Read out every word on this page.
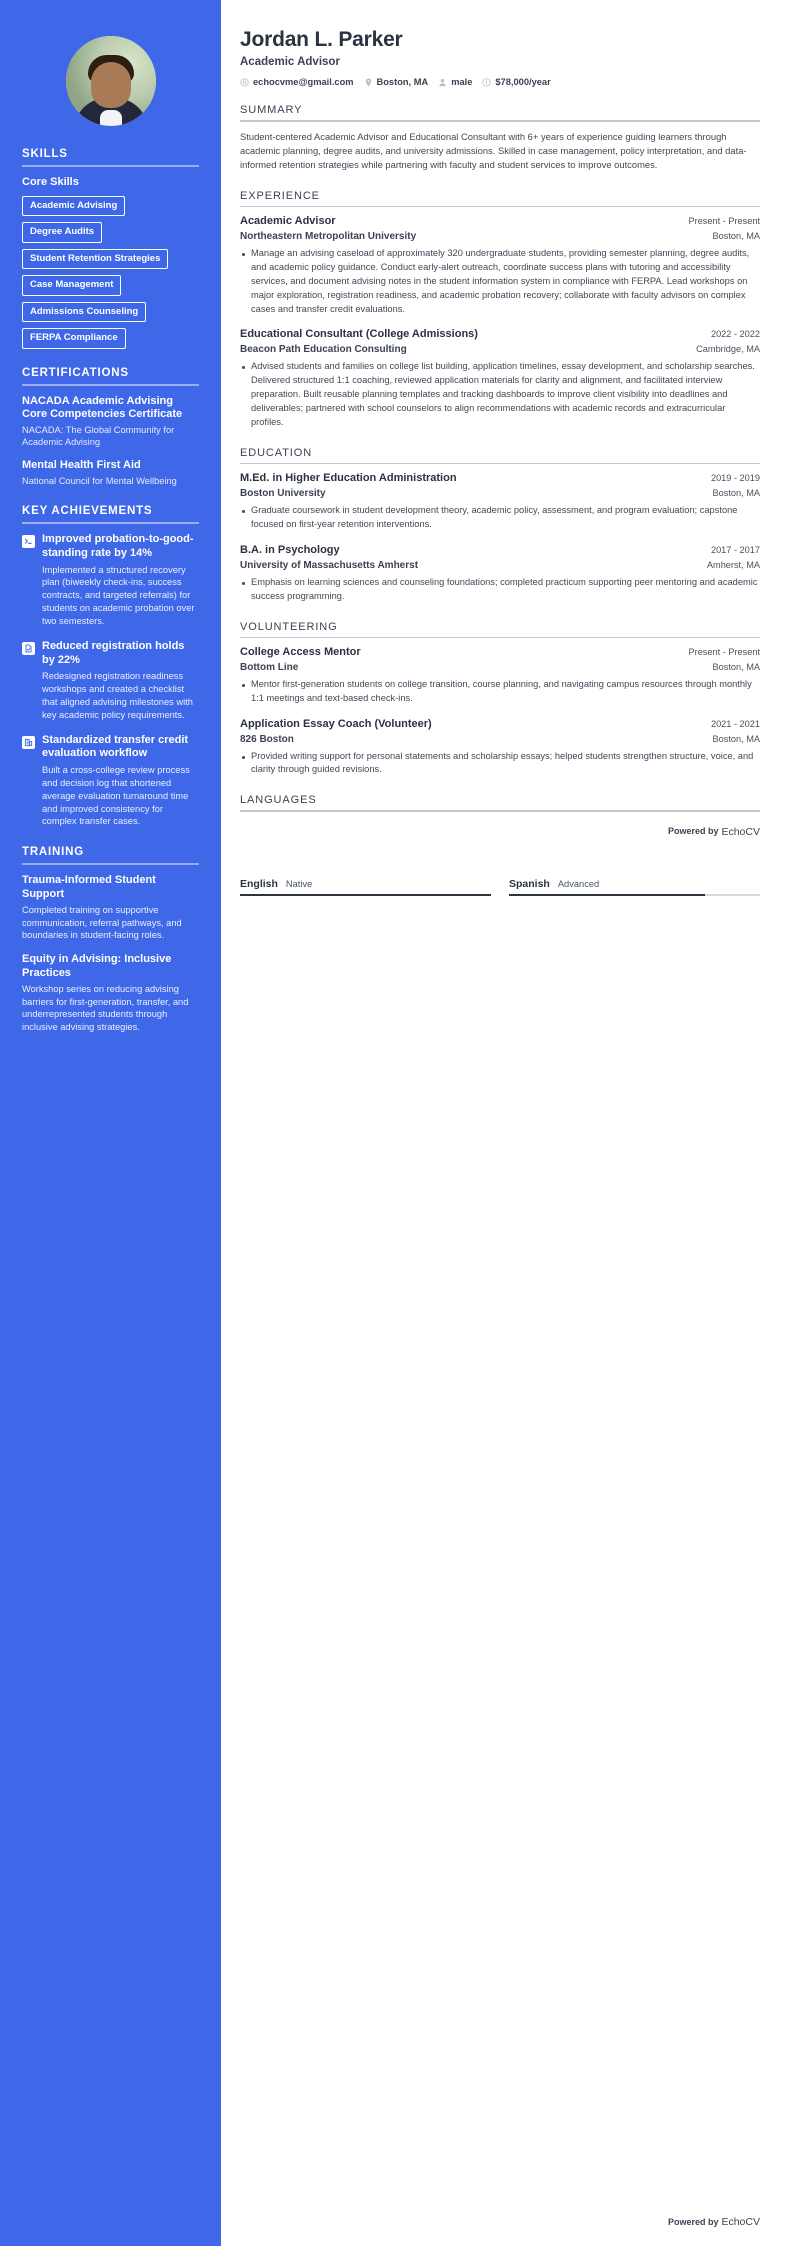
SKILLS
Core Skills
Academic Advising
Degree Audits
Student Retention Strategies
Case Management
Admissions Counseling
FERPA Compliance
CERTIFICATIONS
NACADA Academic Advising Core Competencies Certificate
NACADA: The Global Community for Academic Advising
Mental Health First Aid
National Council for Mental Wellbeing
KEY ACHIEVEMENTS
Improved probation-to-good-standing rate by 14%
Implemented a structured recovery plan (biweekly check-ins, success contracts, and targeted referrals) for students on academic probation over two semesters.
Reduced registration holds by 22%
Redesigned registration readiness workshops and created a checklist that aligned advising milestones with key academic policy requirements.
Standardized transfer credit evaluation workflow
Built a cross-college review process and decision log that shortened average evaluation turnaround time and improved consistency for complex transfer cases.
TRAINING
Trauma-Informed Student Support
Completed training on supportive communication, referral pathways, and boundaries in student-facing roles.
Equity in Advising: Inclusive Practices
Workshop series on reducing advising barriers for first-generation, transfer, and underrepresented students through inclusive advising strategies.
Jordan L. Parker
Academic Advisor
echocvme@gmail.com Boston, MA male $78,000/year
SUMMARY

Student-centered Academic Advisor and Educational Consultant with 6+ years of experience guiding learners through academic planning, degree audits, and university admissions. Skilled in case management, policy interpretation, and data-informed retention strategies while partnering with faculty and student services to improve outcomes.

EXPERIENCE
Academic Advisor	Present - Present
Northeastern Metropolitan University	Boston, MA
Manage an advising caseload of approximately 320 undergraduate students, providing semester planning, degree audits, and academic policy guidance. Conduct early-alert outreach, coordinate success plans with tutoring and accessibility services, and document advising notes in the student information system in compliance with FERPA. Lead workshops on major exploration, registration readiness, and academic probation recovery; collaborate with faculty advisors on complex cases and transfer credit evaluations.
Educational Consultant (College Admissions)	2022 - 2022
Beacon Path Education Consulting	Cambridge, MA
Advised students and families on college list building, application timelines, essay development, and scholarship searches. Delivered structured 1:1 coaching, reviewed application materials for clarity and alignment, and facilitated interview preparation. Built reusable planning templates and tracking dashboards to improve client visibility into deadlines and deliverables; partnered with school counselors to align recommendations with academic records and extracurricular profiles.
EDUCATION
M.Ed. in Higher Education Administration	2019 - 2019
Boston University	Boston, MA
Graduate coursework in student development theory, academic policy, assessment, and program evaluation; capstone focused on first-year retention interventions.
B.A. in Psychology	2017 - 2017
University of Massachusetts Amherst	Amherst, MA
Emphasis on learning sciences and counseling foundations; completed practicum supporting peer mentoring and academic success programming.
VOLUNTEERING
College Access Mentor	Present - Present
Bottom Line	Boston, MA
Mentor first-generation students on college transition, course planning, and navigating campus resources through monthly 1:1 meetings and text-based check-ins.
Application Essay Coach (Volunteer)	2021 - 2021
826 Boston	Boston, MA
Provided writing support for personal statements and scholarship essays; helped students strengthen structure, voice, and clarity through guided revisions.
LANGUAGES
Powered by EchoCV
English Native	Spanish Advanced
Powered by EchoCV
